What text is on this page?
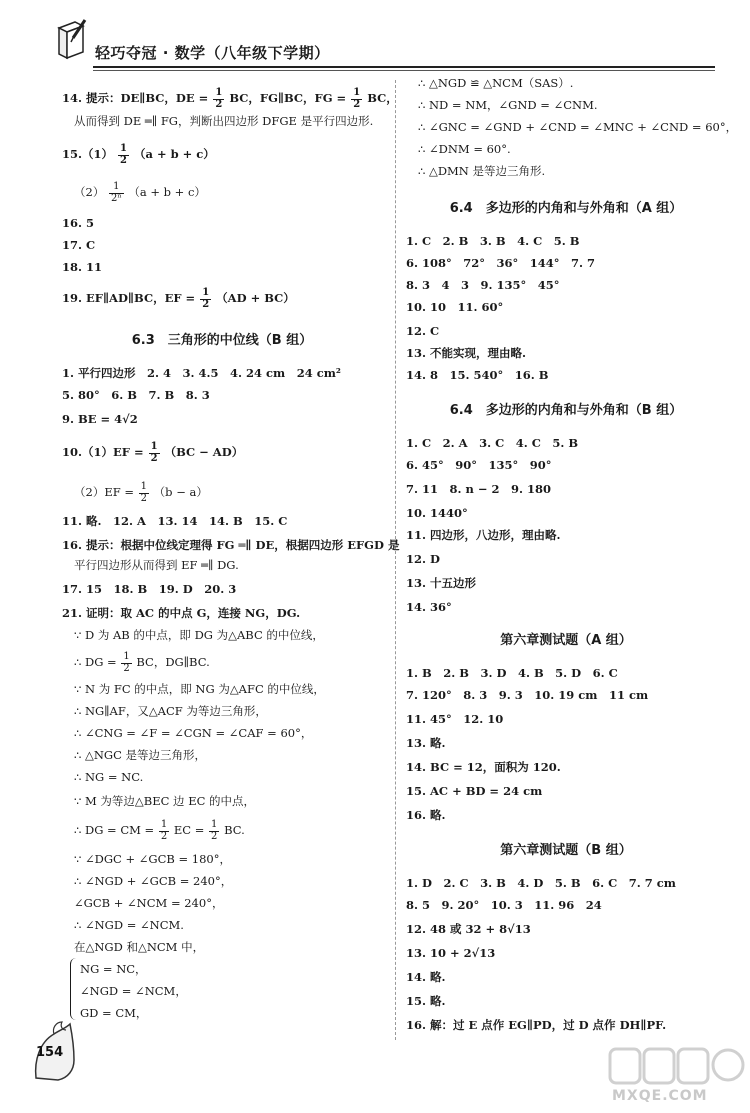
轻巧夺冠 · 数学（八年级下学期）
14. 提示：DE∥BC，DE = $\frac{1}{2}$ BC，FG∥BC，FG = $\frac{1}{2}$ BC，
从而得到 DE ═∥ FG，判断出四边形 DFGE 是平行四边形.
$15.(1) \frac{1}{2} (a + b + c)$
$(2) \frac{1}{\text{2ⁿ}} (a + b + c)$
16. 5
17. C
18. 11
19. EF∥AD∥BC，EF = $\frac{1}{2} (AD + BC)$
6.3　三角形的中位线（B 组）
1. 平行四边形　2. 4　3. 4.5　4. 24 cm　24 cm²
5. 80°　6. B　7. B　8. 3
9. BE = 4√2
$10.(1)EF = \frac{1}{2} (BC - AD)$
$(2)EF = \frac{1}{2} (b - a)$
11. 略.　12. A　13. 14　14. B　15. C
16. 提示：根据中位线定理得 FG ═∥ DE，根据四边形 EFGD 是
平行四边形从而得到 EF ═∥ DG.
17. 15　18. B　19. D　20. 3
21. 证明：取 AC 的中点 G，连接 NG，DG.
∵ D 为 AB 的中点，即 DG 为△ABC 的中位线，
∴ DG = $\frac{1}{2}$ BC，DG∥BC.
∵ N 为 FC 的中点，即 NG 为△AFC 的中位线，
∴ NG∥AF，又△ACF 为等边三角形，
∴ ∠CNG = ∠F = ∠CGN = ∠CAF = 60°，
∴ △NGC 是等边三角形，
∴ NG = NC.
∵ M 为等边△BEC 边 EC 的中点，
∴ DG = CM = $\frac{1}{2}$ EC = $\frac{1}{2}$ BC.
∵ ∠DGC + ∠GCB = 180°，
∴ ∠NGD + ∠GCB = 240°，
∠GCB + ∠NCM = 240°，
∴ ∠NGD = ∠NCM.
在△NGD 和△NCM 中，
NG = NC，
∠NGD = ∠NCM，
GD = CM，
∴ △NGD ≌ △NCM（SAS）.
∴ ND = NM，∠GND = ∠CNM.
∴ ∠GNC = ∠GND + ∠CND = ∠MNC + ∠CND = 60°，
∴ ∠DNM = 60°.
∴ △DMN 是等边三角形.
6.4　多边形的内角和与外角和（A 组）
1. C　2. B　3. B　4. C　5. B
6. 108°　72°　36°　144°　7. 7
8. 3　4　3　9. 135°　45°
10. 10　11. 60°
12. C
13. 不能实现，理由略.
14. 8　15. 540°　16. B
6.4　多边形的内角和与外角和（B 组）
1. C　2. A　3. C　4. C　5. B
6. 45°　90°　135°　90°
7. 11　8. n − 2　9. 180
10. 1440°
11. 四边形，八边形，理由略.
12. D
13. 十五边形
14. 36°
第六章测试题（A 组）
1. B　2. B　3. D　4. B　5. D　6. C
7. 120°　8. 3　9. 3　10. 19 cm　11 cm
11. 45°　12. 10
13. 略.
14. BC = 12，面积为 120.
15. AC + BD = 24 cm
16. 略.
第六章测试题（B 组）
1. D　2. C　3. B　4. D　5. B　6. C　7. 7 cm
8. 5　9. 20°　10. 3　11. 96　24
12. 48 或 32 + 8√13
13. 10 + 2√13
14. 略.
15. 略.
16. 解：过 E 点作 EG∥PD，过 D 点作 DH∥PF.
154
MXQE.COM
